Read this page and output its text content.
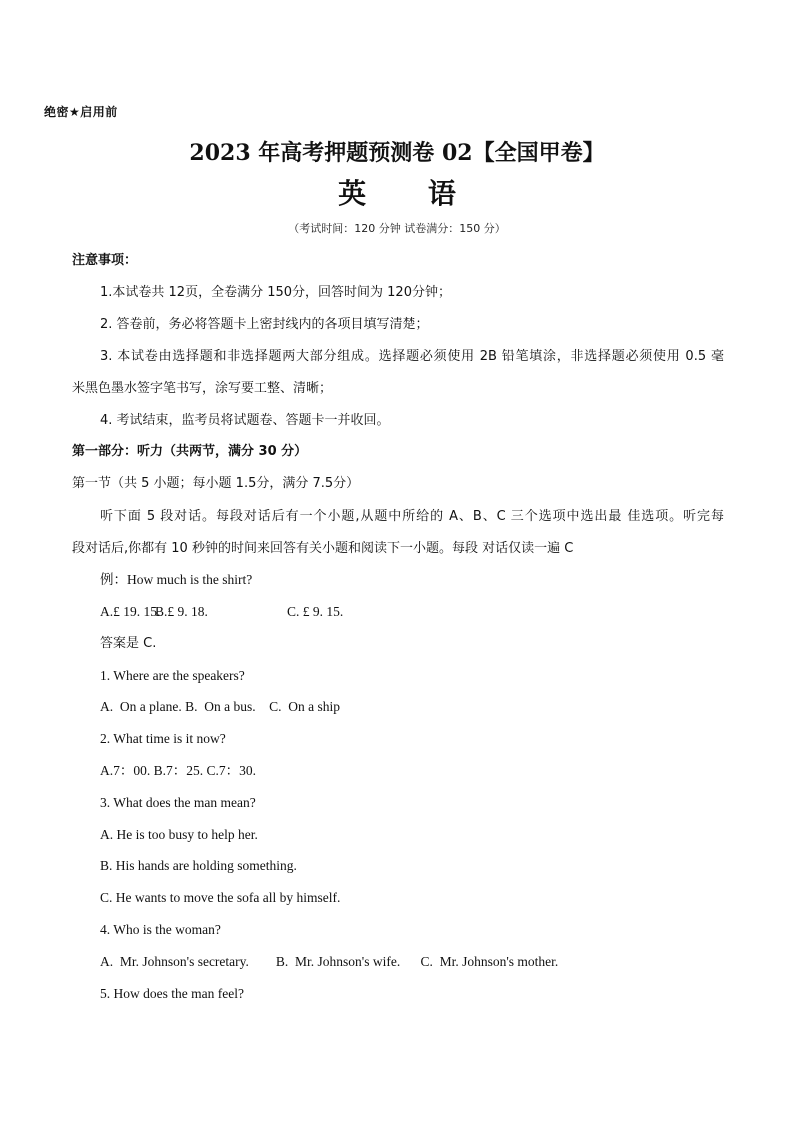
绝密★启用前
2023 年高考押题预测卷 02【全国甲卷】
英 语
（考试时间：120 分钟 试卷满分：150 分）
注意事项：
1.本试卷共 12页，全卷满分 150分，回答时间为 120分钟；
2. 答卷前，务必将答题卡上密封线内的各项目填写清楚；
3. 本试卷由选择题和非选择题两大部分组成。选择题必须使用 2B 铅笔填涂，非选择题必须使用 0.5 毫
米黑色墨水签字笔书写，涂写要工整、清晰；
4. 考试结束，监考员将试题卷、答题卡一并收回。
第一部分：听力（共两节，满分 30 分）
第一节（共 5 小题；每小题 1.5分，满分 7.5分）
听下面 5 段对话。每段对话后有一个小题,从题中所给的 A、B、C 三个选项中选出最 佳选项。听完每
段对话后,你都有 10 秒钟的时间来回答有关小题和阅读下一小题。每段 对话仅读一遍 C
例：How much is the shirt?
A.£ 19. 15.
B.£ 9. 18.	C. £ 9. 15.
答案是 C.
1. Where are the speakers?
A.  On a plane. B.  On a bus.    C.  On a ship
2. What time is it now?
A.7：00. B.7：25. C.7：30.
3. What does the man mean?
A. He is too busy to help her.
B. His hands are holding something.
C. He wants to move the sofa all by himself.
4. Who is the woman?
A.  Mr. Johnson's secretary.        B.  Mr. Johnson's wife.      C.  Mr. Johnson's mother.
5. How does the man feel?
